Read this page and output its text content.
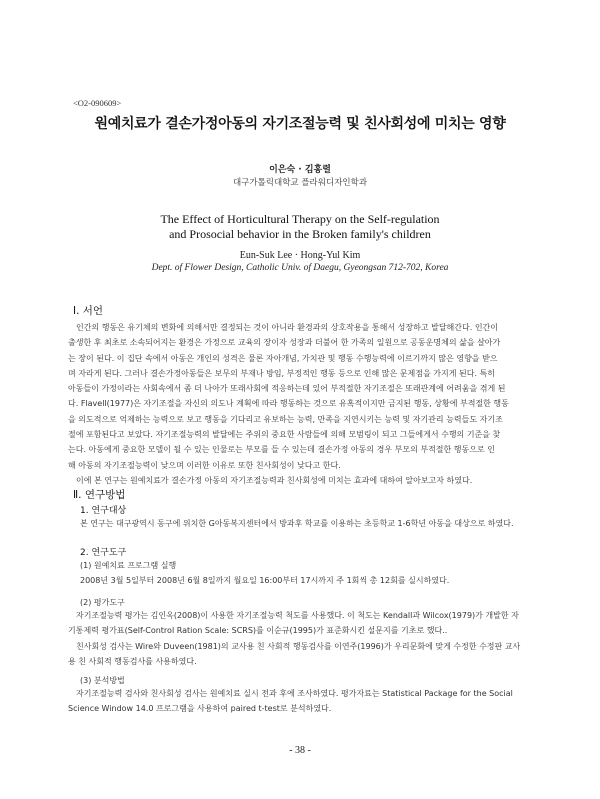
<O2-090609>
원예치료가 결손가정아동의 자기조절능력 및 친사회성에 미치는 영향
이은숙 · 김홍렬
대구가톨릭대학교 플라워디자인학과
The Effect of Horticultural Therapy on the Self-regulation
and Prosocial behavior in the Broken family's children
Eun-Suk Lee · Hong-Yul Kim
Dept. of Flower Design, Catholic Univ. of Daegu, Gyeongsan 712-702, Korea
Ⅰ. 서언
인간의 행동은 유기체의 변화에 의해서만 결정되는 것이 아니라 환경과의 상호작용을 통해서 성장하고 발달해간다. 인간이
출생한 후 최초로 소속되어지는 환경은 가정으로 교육의 장이자 성장과 더불어 한 가족의 일원으로 공동운명체의 삶을 살아가
는 장이 된다. 이 집단 속에서 아동은 개인의 성격은 물론 자아개념, 가치관 및 행동 수행능력에 이르기까지 많은 영향을 받으
며 자라게 된다. 그러나 결손가정아동들은 보무의 부재나 방임, 부정적인 행동 등으로 인해 많은 문제점을 가지게 된다. 특히
아동들이 가정이라는 사회속에서 좀 더 나아가 또래사회에 적응하는데 있어 부적절한 자기조절은 또래관계에 어려움을 겪게 된
다. Flavell(1977)은 자기조절을 자신의 의도나 계획에 따라 행동하는 것으로 유혹적이지만 금지된 행동, 상황에 부적절한 행동
을 의도적으로 억제하는 능력으로 보고 행동을 기다리고 유보하는 능력, 만족을 지연시키는 능력 및 자기관리 능력들도 자기조
절에 포함된다고 보았다. 자기조절능력의 발달에는 주위의 중요한 사람들에 의해 모범링이 되고 그들에게서 수행의 기준을 찾
는다. 아동에게 중요한 모델이 될 수 있는 인물로는 부모를 들 수 있는데 결손가정 아동의 경우 부모의 부적절한 행동으로 인
해 아동의 자기조절능력이 낮으며 이러한 이유로 또한 친사회성이 낮다고 한다.
이에 본 연구는 원예치료가 결손가정 아동의 자기조절능력과 친사회성에 미치는 효과에 대하여 알아보고자 하였다.
Ⅱ. 연구방법
1. 연구대상
본 연구는 대구광역시 동구에 위치한 G아동복지센터에서 방과후 학교를 이용하는 초등학교 1-6학년 아동을 대상으로 하였다.
2. 연구도구
(1) 원예치료 프로그램 실행
2008년 3월 5일부터 2008년 6월 8일까지 월요일 16:00부터 17시까지 주 1회씩 총 12회를 실시하였다.
(2) 평가도구
자기조절능력 평가는 김인옥(2008)이 사용한 자기조절능력 척도를 사용했다. 이 척도는 Kendall과 Wilcox(1979)가 개발한 자
기통제력 평가표(Self-Control Ration Scale: SCRS)를 이순규(1995)가 표준화시킨 설문지를 기초로 했다..
친사회성 검사는 Wire와 Duveen(1981)의 교사용 친 사회적 행동검사를 이연주(1996)가 우리문화에 맞게 수정한 수정판 교사
용 친 사회적 행동검사를 사용하였다.
(3) 분석방법
자기조절능력 검사와 친사회성 검사는 원예치료 실시 전과 후에 조사하였다. 평가자료는 Statistical Package for the Social
Science Window 14.0 프로그램을 사용하여 paired t-test로 분석하였다.
- 38 -
